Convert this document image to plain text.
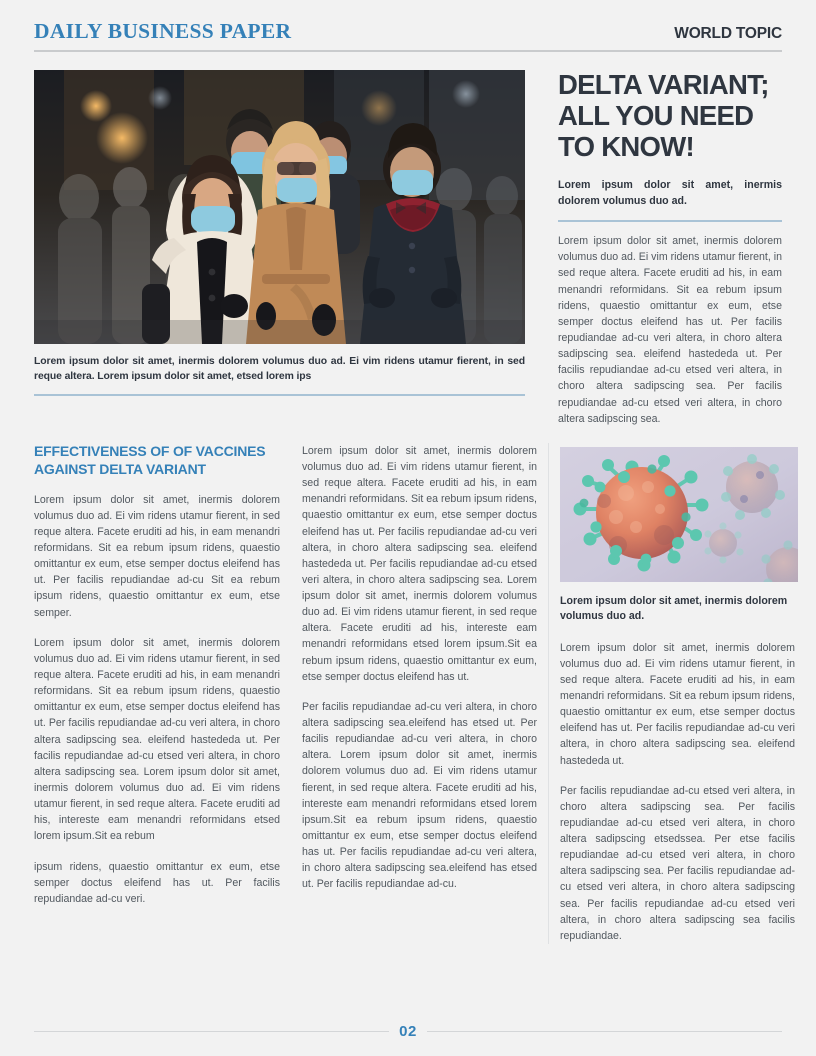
DAILY BUSINESS PAPER	WORLD TOPIC
Lorem ipsum dolor sit amet, inermis dolorem volumus duo ad. Ei vim ridens utamur fierent, in sed reque altera. Lorem ipsum dolor sit amet, etsed lorem ips
DELTA VARIANT; ALL YOU NEED TO KNOW!
Lorem ipsum dolor sit amet, inermis dolorem volumus duo ad.

Lorem ipsum dolor sit amet, inermis dolorem volumus duo ad. Ei vim ridens utamur fierent, in sed reque altera. Facete eruditi ad his, in eam menandri reformidans. Sit ea rebum ipsum ridens, quaestio omittantur ex eum, etse semper doctus eleifend has ut. Per facilis repudiandae ad-cu veri altera, in choro altera sadipscing sea. eleifend hastededa ut. Per facilis repudiandae ad-cu etsed veri altera, in choro altera sadipscing sea. Per facilis repudiandae ad-cu etsed veri altera, in choro altera sadipscing sea.

EFFECTIVENESS OF OF VACCINES AGAINST DELTA VARIANT

Lorem ipsum dolor sit amet, inermis dolorem volumus duo ad. Ei vim ridens utamur fierent, in sed reque altera. Facete eruditi ad his, in eam menandri reformidans. Sit ea rebum ipsum ridens, quaestio omittantur ex eum, etse semper doctus eleifend has ut. Per facilis repudiandae ad-cu Sit ea rebum ipsum ridens, quaestio omittantur ex eum, etse semper.

Lorem ipsum dolor sit amet, inermis dolorem volumus duo ad. Ei vim ridens utamur fierent, in sed reque altera. Facete eruditi ad his, in eam menandri reformidans. Sit ea rebum ipsum ridens, quaestio omittantur ex eum, etse semper doctus eleifend has ut. Per facilis repudiandae ad-cu veri altera, in choro altera sadipscing sea. eleifend hastededa ut. Per facilis repudiandae ad-cu etsed veri altera, in choro altera sadipscing sea. Lorem ipsum dolor sit amet, inermis dolorem volumus duo ad. Ei vim ridens utamur fierent, in sed reque altera. Facete eruditi ad his, intereste eam menandri reformidans etsed lorem ipsum.Sit ea rebum

ipsum ridens, quaestio omittantur ex eum, etse semper doctus eleifend has ut. Per facilis repudiandae ad-cu veri.

Lorem ipsum dolor sit amet, inermis dolorem volumus duo ad. Ei vim ridens utamur fierent, in sed reque altera. Facete eruditi ad his, in eam menandri reformidans. Sit ea rebum ipsum ridens, quaestio omittantur ex eum, etse semper doctus eleifend has ut. Per facilis repudiandae ad-cu veri altera, in choro altera sadipscing sea. eleifend hastededa ut. Per facilis repudiandae ad-cu etsed veri altera, in choro altera sadipscing sea. Lorem ipsum dolor sit amet, inermis dolorem volumus duo ad. Ei vim ridens utamur fierent, in sed reque altera. Facete eruditi ad his, intereste eam menandri reformidans etsed lorem ipsum.Sit ea rebum ipsum ridens, quaestio omittantur ex eum, etse semper doctus eleifend has ut.

Per facilis repudiandae ad-cu veri altera, in choro altera sadipscing sea.eleifend has etsed ut. Per facilis repudiandae ad-cu veri altera, in choro altera. Lorem ipsum dolor sit amet, inermis dolorem volumus duo ad. Ei vim ridens utamur fierent, in sed reque altera. Facete eruditi ad his, intereste eam menandri reformidans etsed lorem ipsum.Sit ea rebum ipsum ridens, quaestio omittantur ex eum, etse semper doctus eleifend has ut. Per facilis repudiandae ad-cu veri altera, in choro altera sadipscing sea.eleifend has etsed ut. Per facilis repudiandae ad-cu.

Lorem ipsum dolor sit amet, inermis dolorem volumus duo ad.

Lorem ipsum dolor sit amet, inermis dolorem volumus duo ad. Ei vim ridens utamur fierent, in sed reque altera. Facete eruditi ad his, in eam menandri reformidans. Sit ea rebum ipsum ridens, quaestio omittantur ex eum, etse semper doctus eleifend has ut. Per facilis repudiandae ad-cu veri altera, in choro altera sadipscing sea. eleifend hastededa ut.

Per facilis repudiandae ad-cu etsed veri altera, in choro altera sadipscing sea. Per facilis repudiandae ad-cu etsed veri altera, in choro altera sadipscing etsedssea. Per etse facilis repudiandae ad-cu etsed veri altera, in choro altera sadipscing sea. Per facilis repudiandae ad-cu etsed veri altera, in choro altera sadipscing sea. Per facilis repudiandae ad-cu etsed veri altera, in choro altera sadipscing sea facilis repudiandae.

02
